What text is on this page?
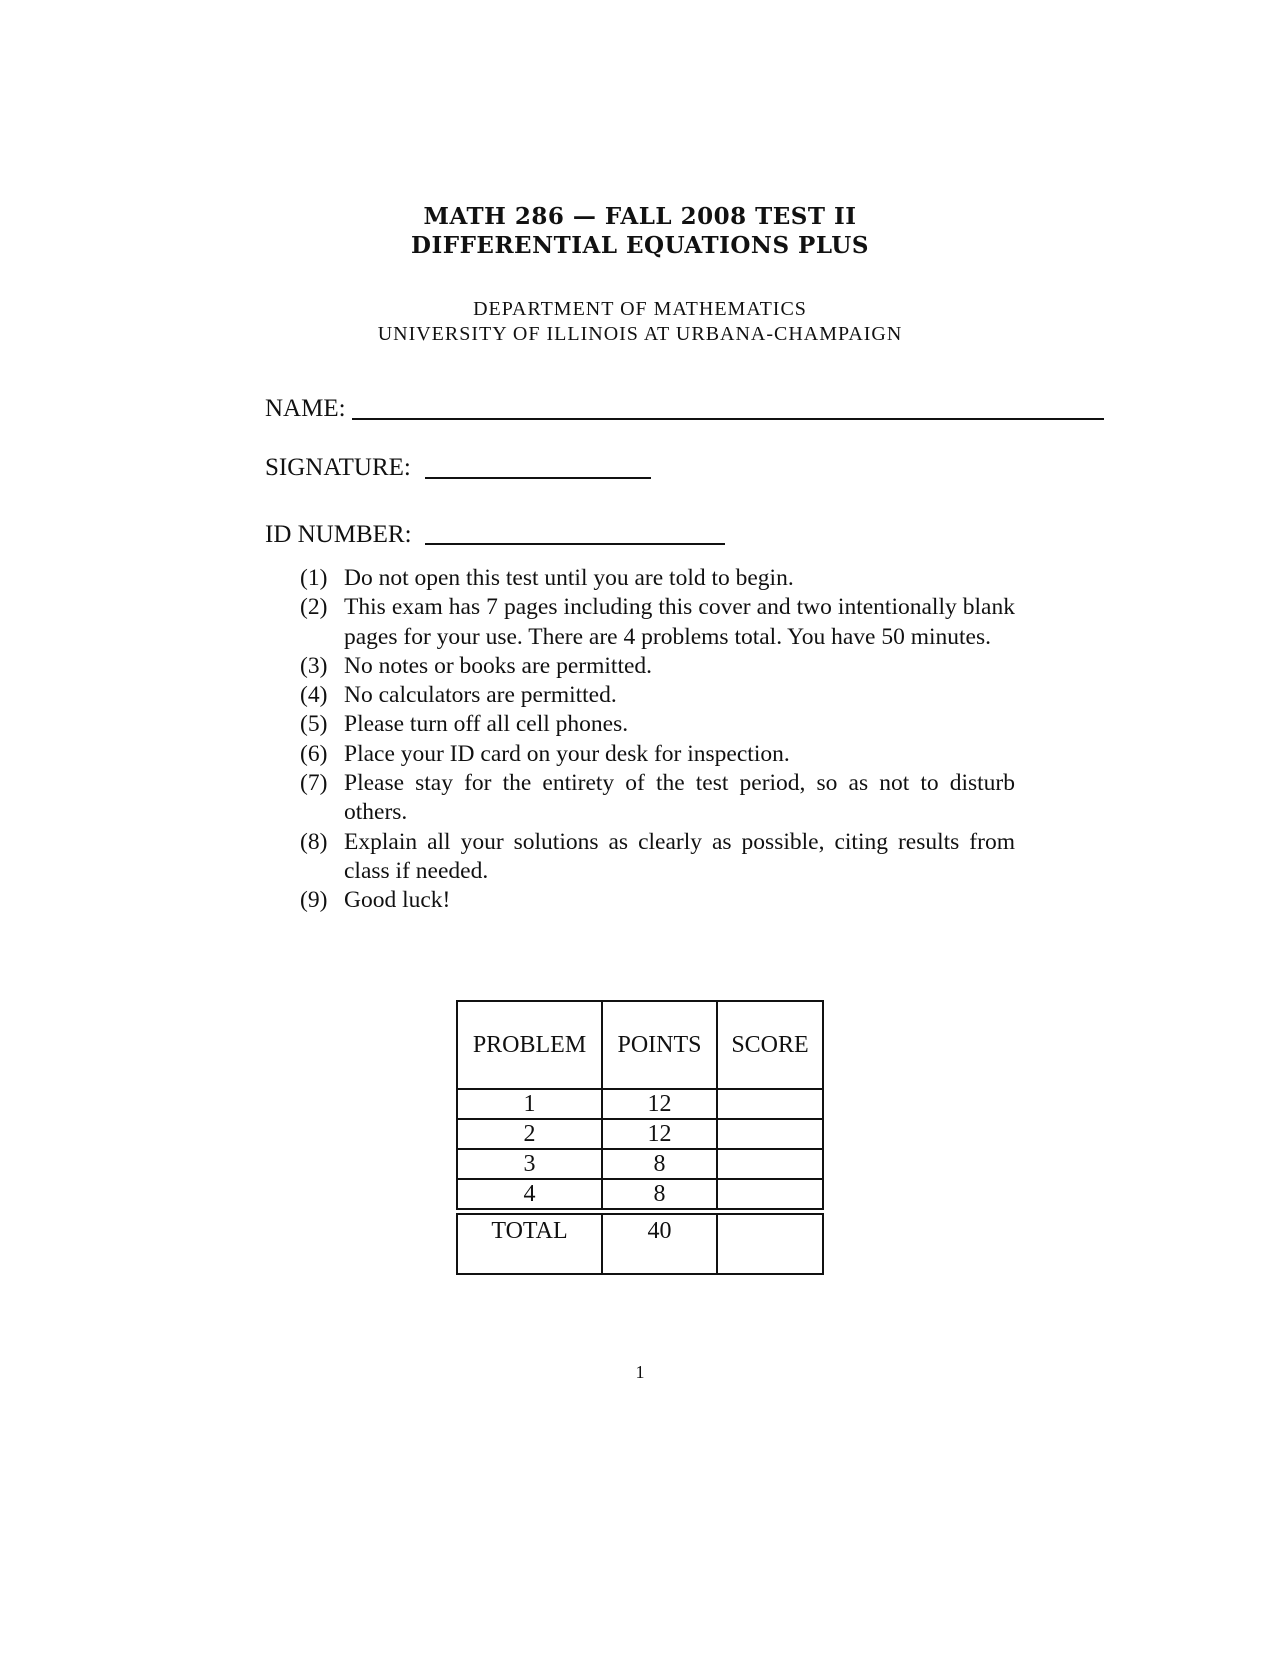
MATH 286 — FALL 2008 TEST II
DIFFERENTIAL EQUATIONS PLUS
DEPARTMENT OF MATHEMATICS
UNIVERSITY OF ILLINOIS AT URBANA-CHAMPAIGN
NAME:
SIGNATURE:
ID NUMBER:
(1) Do not open this test until you are told to begin.
(2) This exam has 7 pages including this cover and two intentionally blank pages for your use. There are 4 problems total. You have 50 minutes.
(3) No notes or books are permitted.
(4) No calculators are permitted.
(5) Please turn off all cell phones.
(6) Place your ID card on your desk for inspection.
(7) Please stay for the entirety of the test period, so as not to disturb others.
(8) Explain all your solutions as clearly as possible, citing results from class if needed.
(9) Good luck!
PROBLEM	POINTS	SCORE
1	12
2	12
3	8
4	8
TOTAL	40
1
